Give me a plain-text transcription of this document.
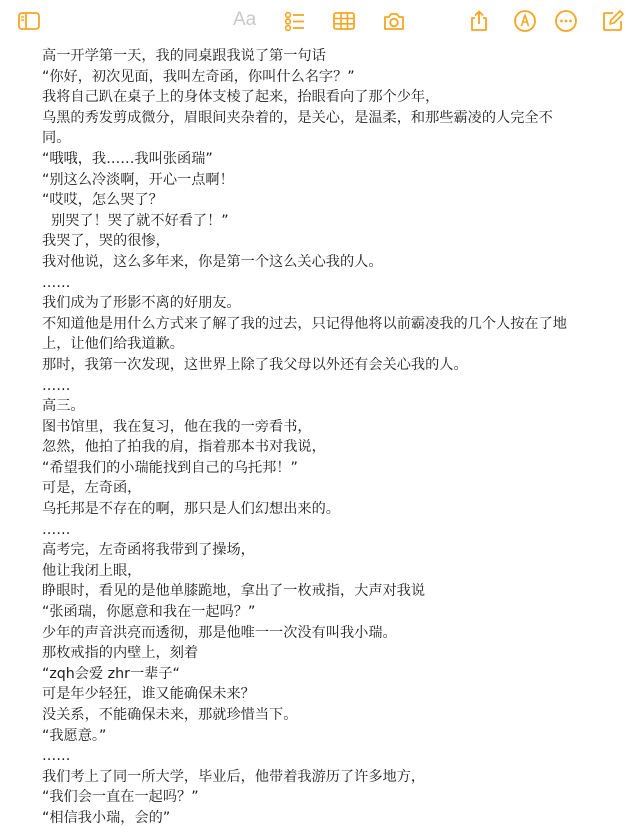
Aa
高一开学第一天，我的同桌跟我说了第一句话
“你好，初次见面，我叫左奇函，你叫什么名字？”
我将自己趴在桌子上的身体支棱了起来，抬眼看向了那个少年，
乌黑的秀发剪成微分，眉眼间夹杂着的，是关心，是温柔，和那些霸凌的人完全不
同。
“哦哦，我……我叫张函瑞”
“别这么冷淡啊，开心一点啊！
“哎哎，怎么哭了？
别哭了！哭了就不好看了！”
我哭了，哭的很惨，
我对他说，这么多年来，你是第一个这么关心我的人。
……
我们成为了形影不离的好朋友。
不知道他是用什么方式来了解了我的过去，只记得他将以前霸凌我的几个人按在了地
上，让他们给我道歉。
那时，我第一次发现，这世界上除了我父母以外还有会关心我的人。
……
高三。
图书馆里，我在复习，他在我的一旁看书，
忽然，他拍了拍我的肩，指着那本书对我说，
“希望我们的小瑞能找到自己的乌托邦！”
可是，左奇函，
乌托邦是不存在的啊，那只是人们幻想出来的。
……
高考完，左奇函将我带到了操场，
他让我闭上眼，
睁眼时，看见的是他单膝跪地，拿出了一枚戒指，大声对我说
“张函瑞，你愿意和我在一起吗？”
少年的声音洪亮而透彻，那是他唯一一次没有叫我小瑞。
那枚戒指的内壁上，刻着
“zqh会爱 zhr一辈子“
可是年少轻狂，谁又能确保未来？
没关系，不能确保未来，那就珍惜当下。
“我愿意。”
……
我们考上了同一所大学，毕业后，他带着我游历了许多地方，
“我们会一直在一起吗？”
“相信我小瑞，会的”
